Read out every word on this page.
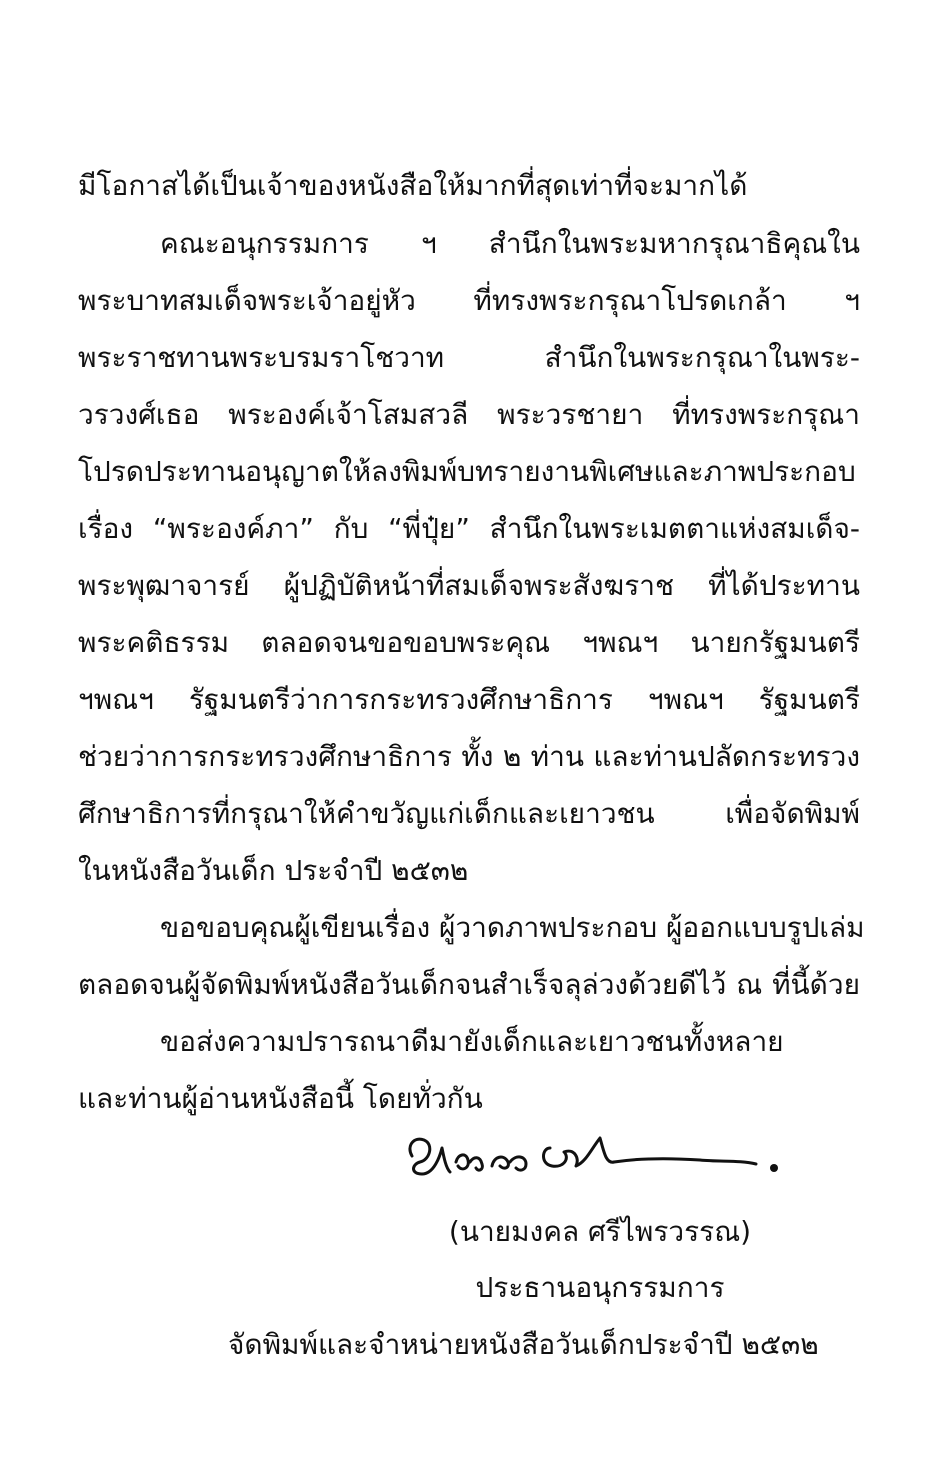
มีโอกาสได้เป็นเจ้าของหนังสือให้มากที่สุดเท่าที่จะมากได้
คณะอนุกรรมการ ฯ สำนึกในพระมหากรุณาธิคุณใน
พระบาทสมเด็จพระเจ้าอยู่หัว ที่ทรงพระกรุณาโปรดเกล้า ฯ
พระราชทานพระบรมราโชวาท สำนึกในพระกรุณาในพระ-
วรวงศ์เธอ พระองค์เจ้าโสมสวลี พระวรชายา ที่ทรงพระกรุณา
โปรดประทานอนุญาตให้ลงพิมพ์บทรายงานพิเศษและภาพประกอบ
เรื่อง “พระองค์ภา” กับ “พี่ปุ๋ย” สำนึกในพระเมตตาแห่งสมเด็จ-
พระพุฒาจารย์ ผู้ปฏิบัติหน้าที่สมเด็จพระสังฆราช ที่ได้ประทาน
พระคติธรรม ตลอดจนขอขอบพระคุณ ฯพณฯ นายกรัฐมนตรี
ฯพณฯ รัฐมนตรีว่าการกระทรวงศึกษาธิการ ฯพณฯ รัฐมนตรี
ช่วยว่าการกระทรวงศึกษาธิการ ทั้ง ๒ ท่าน และท่านปลัดกระทรวง
ศึกษาธิการที่กรุณาให้คำขวัญแก่เด็กและเยาวชน เพื่อจัดพิมพ์
ในหนังสือวันเด็ก ประจำปี ๒๕๓๒
ขอขอบคุณผู้เขียนเรื่อง ผู้วาดภาพประกอบ ผู้ออกแบบรูปเล่ม
ตลอดจนผู้จัดพิมพ์หนังสือวันเด็กจนสำเร็จลุล่วงด้วยดีไว้ ณ ที่นี้ด้วย
ขอส่งความปรารถนาดีมายังเด็กและเยาวชนทั้งหลาย
และท่านผู้อ่านหนังสือนี้ โดยทั่วกัน
(นายมงคล ศรีไพรวรรณ)
ประธานอนุกรรมการ
จัดพิมพ์และจำหน่ายหนังสือวันเด็กประจำปี ๒๕๓๒
